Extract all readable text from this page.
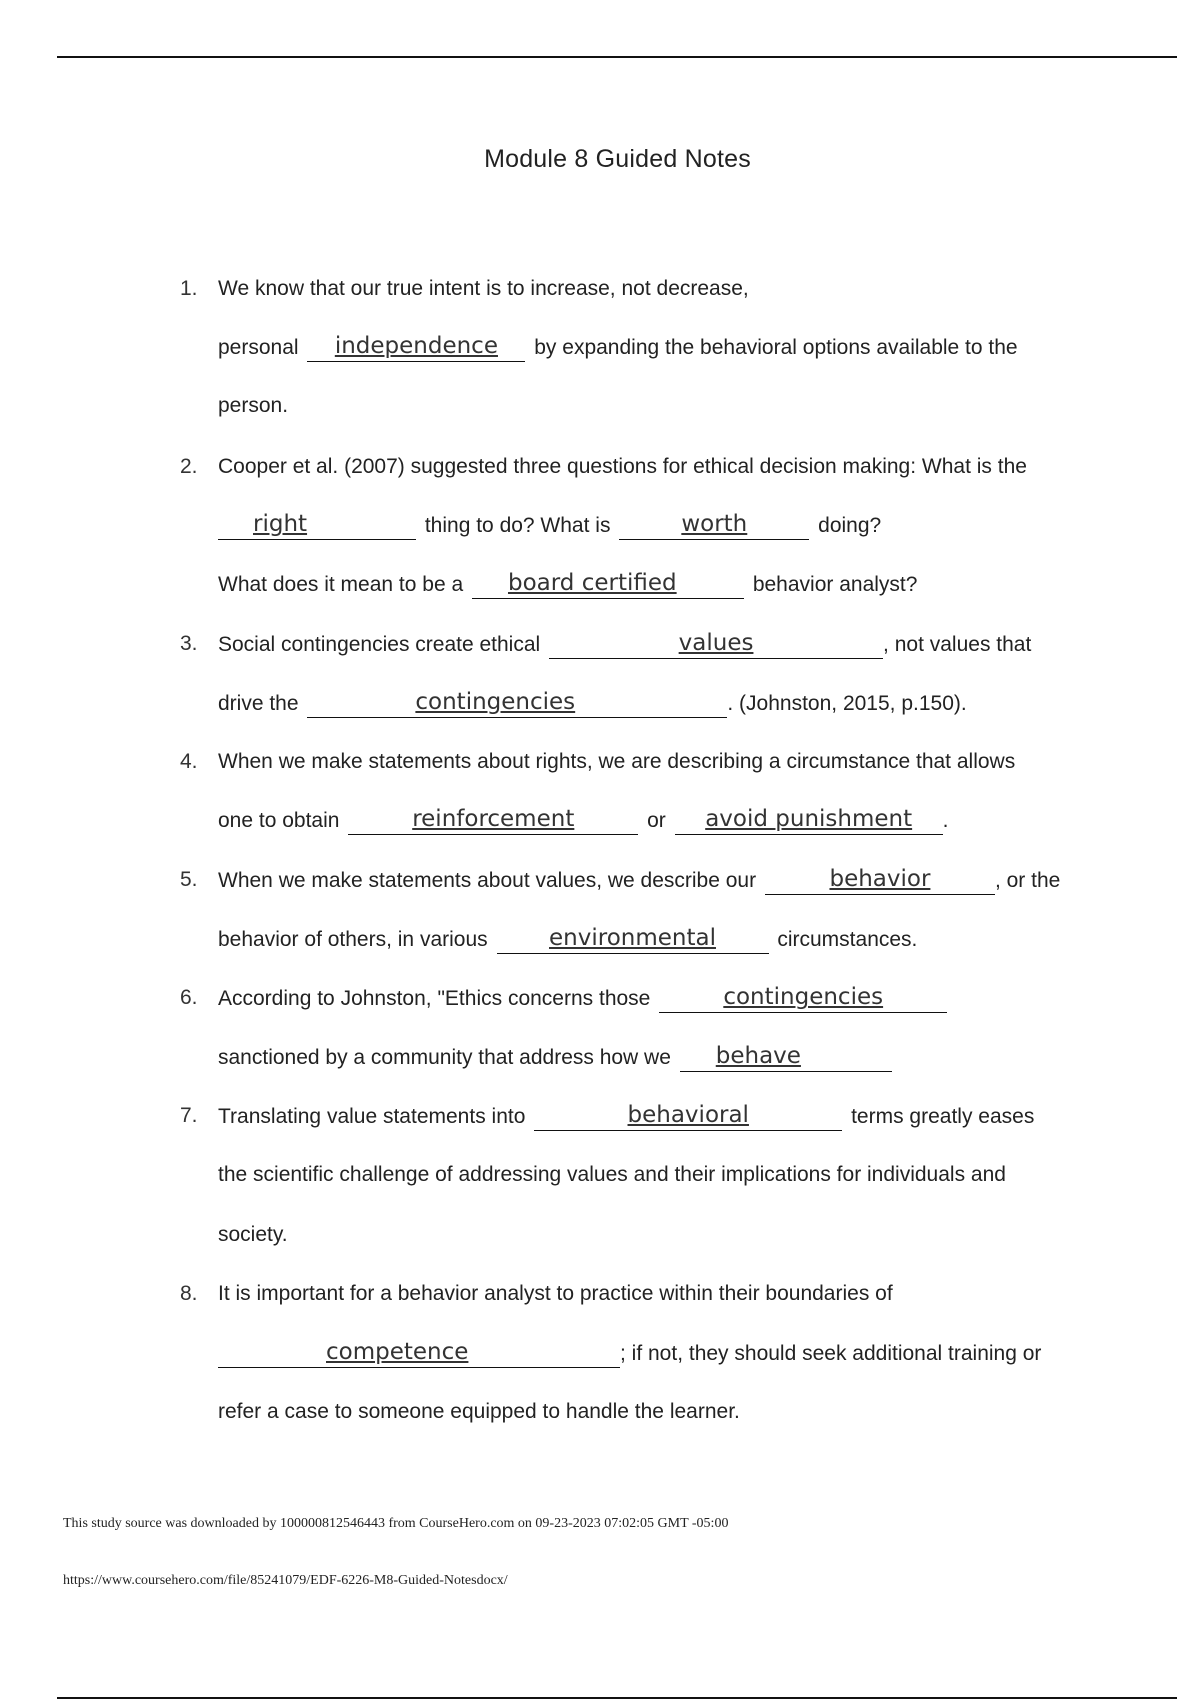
Module 8 Guided Notes
1. We know that our true intent is to increase, not decrease,
personal	independence	by expanding the behavioral options available to the
person.
2. Cooper et al. (2007) suggested three questions for ethical decision making: What is the
right	thing to do? What is	worth	doing?
What does it mean to be a board certified	behavior analyst?
3. Social contingencies create ethical	values	, not values that
drive the	contingencies	. (Johnston, 2015, p.150).
4. When we make statements about rights, we are describing a circumstance that allows
one to obtain	reinforcement	or	avoid punishment	.
5. When we make statements about values, we describe our	behavior	, or the
behavior of others, in various	environmental	circumstances.
6. According to Johnston, "Ethics concerns those	contingencies
sanctioned by a community that address how we behave
7. Translating value statements into	behavioral	terms greatly eases
the scientific challenge of addressing values and their implications for individuals and
society.
8. It is important for a behavior analyst to practice within their boundaries of
competence	; if not, they should seek additional training or
refer a case to someone equipped to handle the learner.
This study source was downloaded by 100000812546443 from CourseHero.com on 09-23-2023 07:02:05 GMT -05:00
https://www.coursehero.com/file/85241079/EDF-6226-M8-Guided-Notesdocx/
